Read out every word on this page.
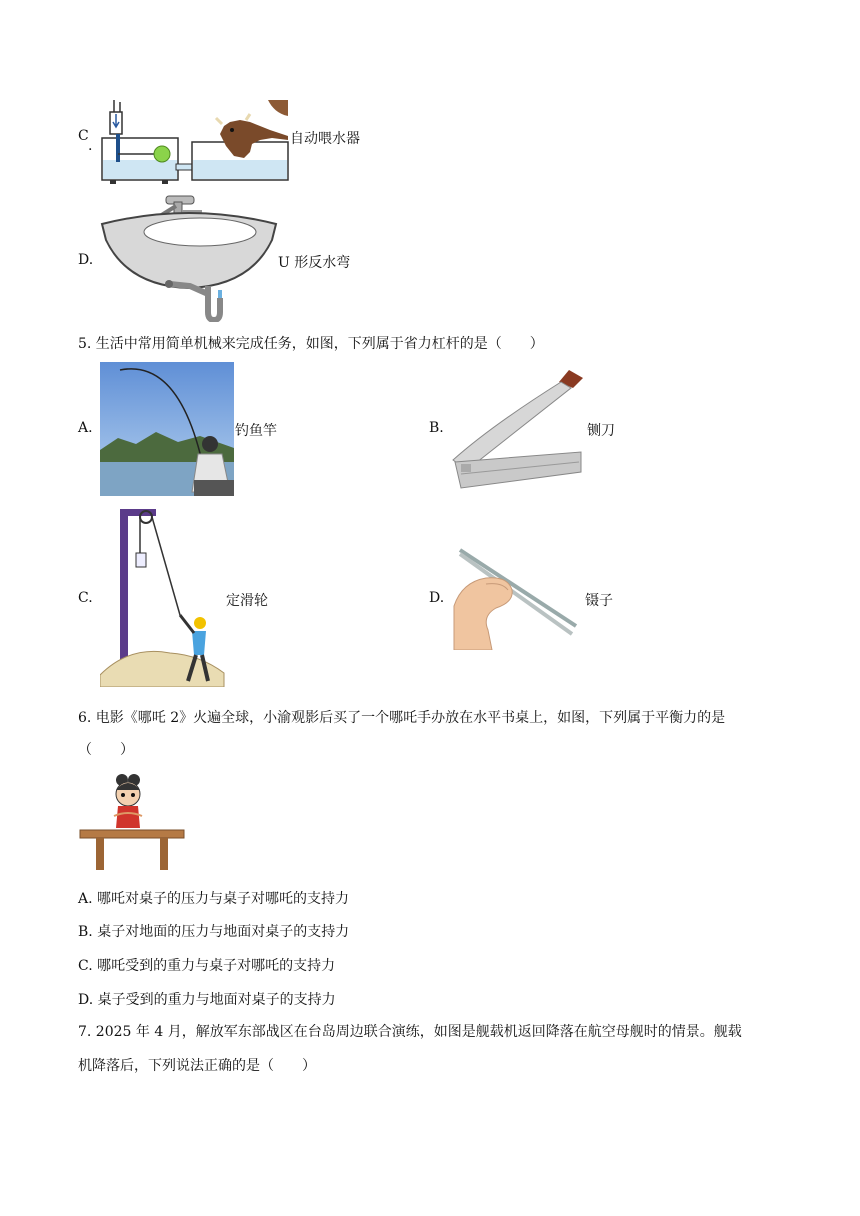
C
.	自动喂水器
D.	U 形反水弯
5. 生活中常用简单机械来完成任务，如图，下列属于省力杠杆的是（　　）
A.	钓鱼竿	B.	铡刀
C.	定滑轮	D.	镊子
6. 电影《哪吒 2》火遍全球，小渝观影后买了一个哪吒手办放在水平书桌上，如图，下列属于平衡力的是
（　　）
A. 哪吒对桌子的压力与桌子对哪吒的支持力
B. 桌子对地面的压力与地面对桌子的支持力
C. 哪吒受到的重力与桌子对哪吒的支持力
D. 桌子受到的重力与地面对桌子的支持力
7. 2025 年 4 月，解放军东部战区在台岛周边联合演练，如图是舰载机返回降落在航空母舰时的情景。舰载
机降落后，下列说法正确的是（　　）
